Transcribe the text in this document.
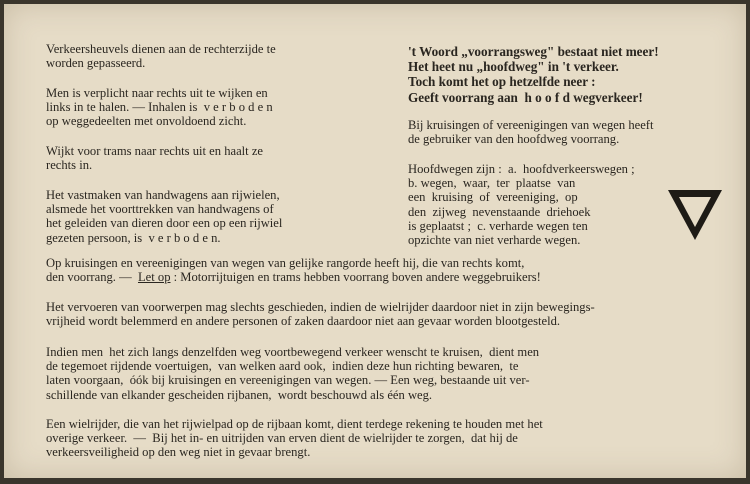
Verkeersheuvels dienen aan de rechterzijde te
worden gepasseerd.

Men is verplicht naar rechts uit te wijken en
links in te halen. — Inhalen is  v e r b o d e n
op weggedeelten met onvoldoend zicht.

Wijkt voor trams naar rechts uit en haalt ze
rechts in.

Het vastmaken van handwagens aan rijwielen,
alsmede het voorttrekken van handwagens of
het geleiden van dieren door een op een rijwiel
gezeten persoon, is  v e r b o d e n.

't Woord „voorrangsweg" bestaat niet meer!
Het heet nu „hoofdweg" in 't verkeer.
Toch komt het op hetzelfde neer :
Geeft voorrang aan  h o o f d wegverkeer!

Bij kruisingen of vereenigingen van wegen heeft
de gebruiker van den hoofdweg voorrang.

Hoofdwegen zijn :  a.  hoofdverkeerswegen ;
b. wegen,  waar,  ter  plaatse  van
een  kruising  of  vereeniging,  op
den  zijweg  nevenstaande  driehoek
is geplaatst ;  c. verharde wegen ten
opzichte van niet verharde wegen.

Op kruisingen en vereenigingen van wegen van gelijke rangorde heeft hij, die van rechts komt,
den voorrang. —  Let op : Motorrijtuigen en trams hebben voorrang boven andere weggebruikers!

Het vervoeren van voorwerpen mag slechts geschieden, indien de wielrijder daardoor niet in zijn bewegings-
vrijheid wordt belemmerd en andere personen of zaken daardoor niet aan gevaar worden blootgesteld.

Indien men  het zich langs denzelfden weg voortbewegend verkeer wenscht te kruisen,  dient men
de tegemoet rijdende voertuigen,  van welken aard ook,  indien deze hun richting bewaren,  te
laten voorgaan,  óók bij kruisingen en vereenigingen van wegen. — Een weg, bestaande uit ver-
schillende van elkander gescheiden rijbanen,  wordt beschouwd als één weg.

Een wielrijder, die van het rijwielpad op de rijbaan komt, dient terdege rekening te houden met het
overige verkeer.  —  Bij het in- en uitrijden van erven dient de wielrijder te zorgen,  dat hij de
verkeersveiligheid op den weg niet in gevaar brengt.
